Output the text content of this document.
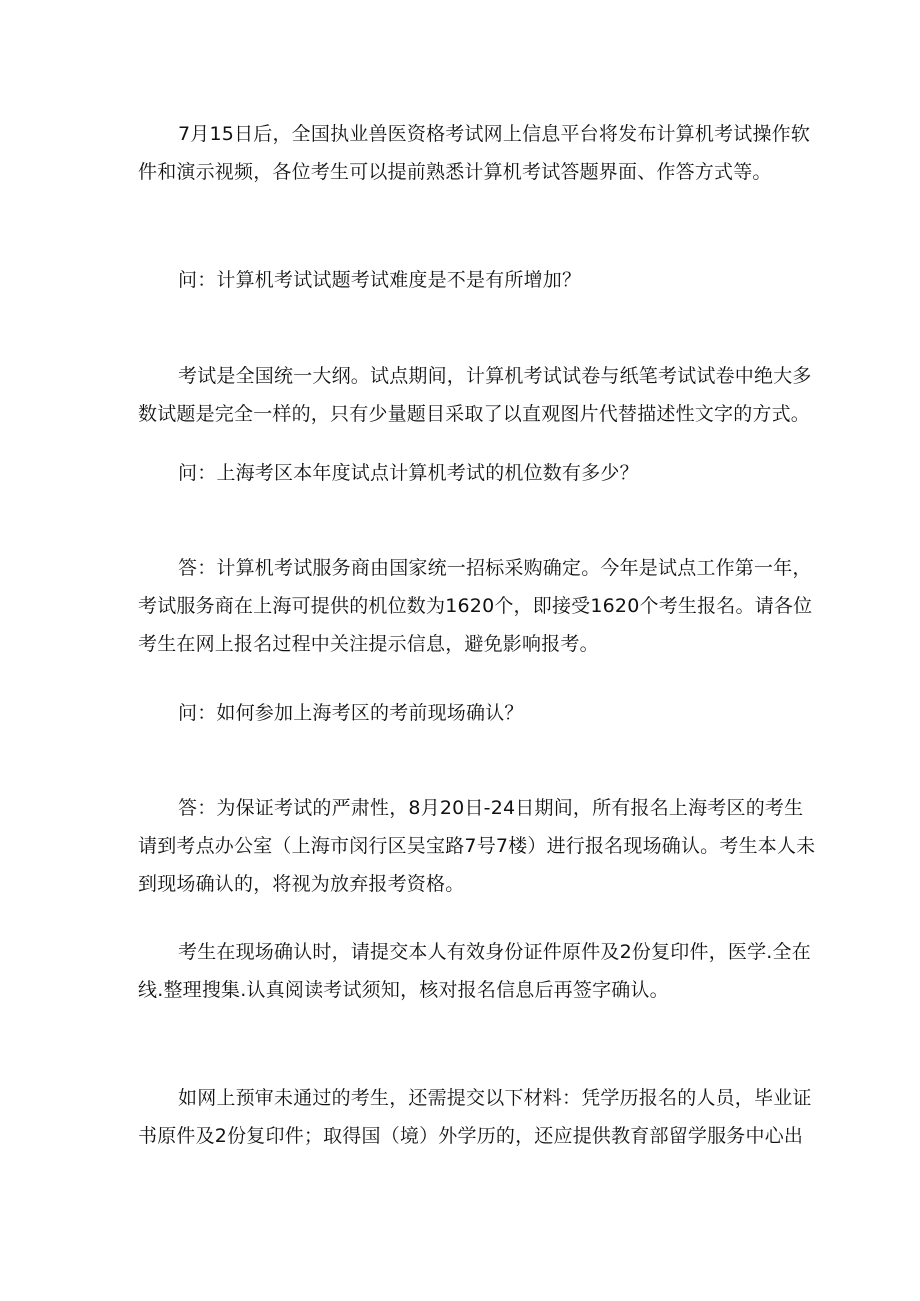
7月15日后，全国执业兽医资格考试网上信息平台将发布计算机考试操作软
件和演示视频，各位考生可以提前熟悉计算机考试答题界面、作答方式等。

问：计算机考试试题考试难度是不是有所增加？

考试是全国统一大纲。试点期间，计算机考试试卷与纸笔考试试卷中绝大多
数试题是完全一样的，只有少量题目采取了以直观图片代替描述性文字的方式。

问：上海考区本年度试点计算机考试的机位数有多少？

答：计算机考试服务商由国家统一招标采购确定。今年是试点工作第一年，
考试服务商在上海可提供的机位数为1620个，即接受1620个考生报名。请各位
考生在网上报名过程中关注提示信息，避免影响报考。

问：如何参加上海考区的考前现场确认？

答：为保证考试的严肃性，8月20日-24日期间，所有报名上海考区的考生
请到考点办公室（上海市闵行区吴宝路7号7楼）进行报名现场确认。考生本人未
到现场确认的，将视为放弃报考资格。

考生在现场确认时，请提交本人有效身份证件原件及2份复印件，医学.全在
线.整理搜集.认真阅读考试须知，核对报名信息后再签字确认。

如网上预审未通过的考生，还需提交以下材料：凭学历报名的人员，毕业证
书原件及2份复印件；取得国（境）外学历的，还应提供教育部留学服务中心出
